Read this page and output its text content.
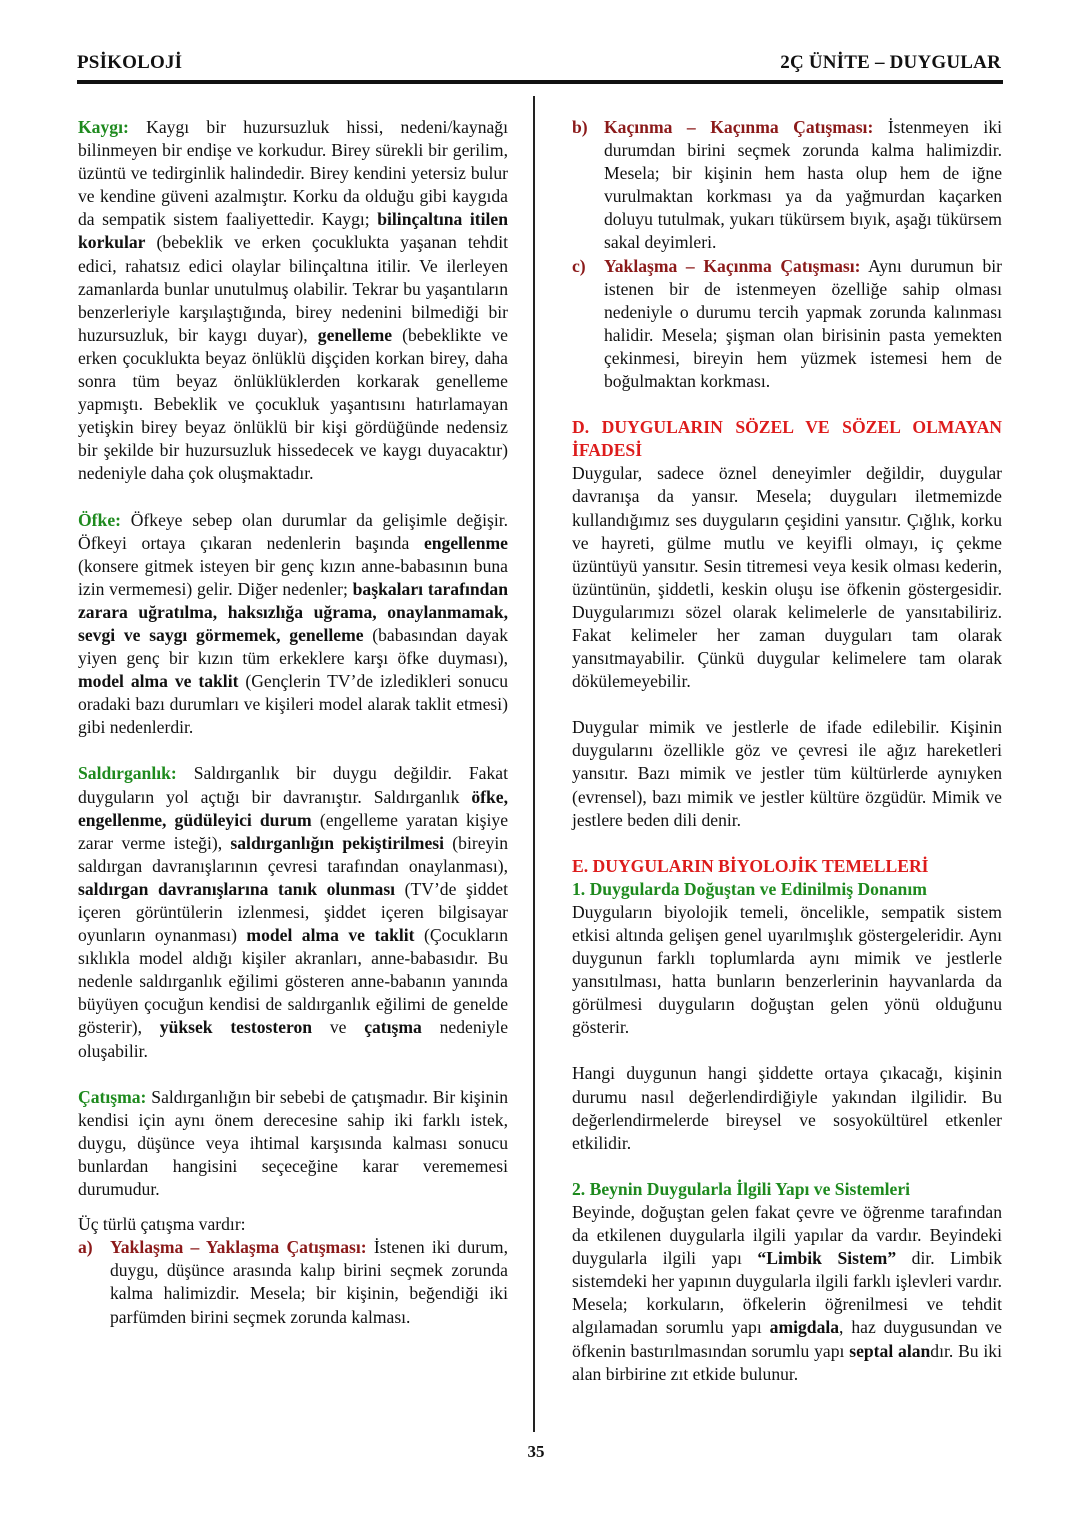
PSİKOLOJİ	2Ç ÜNİTE – DUYGULAR

Kaygı: Kaygı bir huzursuzluk hissi, nedeni/kaynağı bilinmeyen bir endişe ve korkudur. Birey sürekli bir gerilim, üzüntü ve tedirginlik halindedir. Birey kendini yetersiz bulur ve kendine güveni azalmıştır. Korku da olduğu gibi kaygıda da sempatik sistem faaliyettedir. Kaygı; bilinçaltına itilen korkular (bebeklik ve erken çocuklukta yaşanan tehdit edici, rahatsız edici olaylar bilinçaltına itilir. Ve ilerleyen zamanlarda bunlar unutulmuş olabilir. Tekrar bu yaşantıların benzerleriyle karşılaştığında, birey nedenini bilmediği bir huzursuzluk, bir kaygı duyar), genelleme (bebeklikte ve erken çocuklukta beyaz önlüklü dişçiden korkan birey, daha sonra tüm beyaz önlüklüklerden korkarak genelleme yapmıştı. Bebeklik ve çocukluk yaşantısını hatırlamayan yetişkin birey beyaz önlüklü bir kişi gördüğünde nedensiz bir şekilde bir huzursuzluk hissedecek ve kaygı duyacaktır) nedeniyle daha çok oluşmaktadır.

Öfke: Öfkeye sebep olan durumlar da gelişimle değişir. Öfkeyi ortaya çıkaran nedenlerin başında engellenme (konsere gitmek isteyen bir genç kızın anne-babasının buna izin vermemesi) gelir. Diğer nedenler; başkaları tarafından zarara uğratılma, haksızlığa uğrama, onaylanmamak, sevgi ve saygı görmemek, genelleme (babasından dayak yiyen genç bir kızın tüm erkeklere karşı öfke duyması), model alma ve taklit (Gençlerin TV’de izledikleri sonucu oradaki bazı durumları ve kişileri model alarak taklit etmesi) gibi nedenlerdir.

Saldırganlık: Saldırganlık bir duygu değildir. Fakat duyguların yol açtığı bir davranıştır. Saldırganlık öfke, engellenme, güdüleyici durum (engelleme yaratan kişiye zarar verme isteği), saldırganlığın pekiştirilmesi (bireyin saldırgan davranışlarının çevresi tarafından onaylanması), saldırgan davranışlarına tanık olunması (TV’de şiddet içeren görüntülerin izlenmesi, şiddet içeren bilgisayar oyunların oynanması) model alma ve taklit (Çocukların sıklıkla model aldığı kişiler akranları, anne-babasıdır. Bu nedenle saldırganlık eğilimi gösteren anne-babanın yanında büyüyen çocuğun kendisi de saldırganlık eğilimi de genelde gösterir), yüksek testosteron ve çatışma nedeniyle oluşabilir.

Çatışma: Saldırganlığın bir sebebi de çatışmadır. Bir kişinin kendisi için aynı önem derecesine sahip iki farklı istek, duygu, düşünce veya ihtimal karşısında kalması sonucu bunlardan hangisini seçeceğine karar verememesi durumudur.

Üç türlü çatışma vardır:

a) Yaklaşma – Yaklaşma Çatışması: İstenen iki durum, duygu, düşünce arasında kalıp birini seçmek zorunda kalma halimizdir. Mesela; bir kişinin, beğendiği iki parfümden birini seçmek zorunda kalması.
b) Kaçınma – Kaçınma Çatışması: İstenmeyen iki durumdan birini seçmek zorunda kalma halimizdir. Mesela; bir kişinin hem hasta olup hem de iğne vurulmaktan korkması ya da yağmurdan kaçarken doluyu tutulmak, yukarı tükürsem bıyık, aşağı tükürsem sakal deyimleri.
c)	Yaklaşma – Kaçınma Çatışması: Aynı durumun bir istenen bir de istenmeyen özelliğe sahip olması nedeniyle o durumu tercih yapmak zorunda kalınması halidir. Mesela; şişman olan birisinin pasta yemekten çekinmesi, bireyin hem yüzmek istemesi hem de boğulmaktan korkması.

D. DUYGULARIN SÖZEL VE SÖZEL OLMAYAN İFADESİ

Duygular, sadece öznel deneyimler değildir, duygular davranışa da yansır. Mesela; duyguları iletmemizde kullandığımız ses duyguların çeşidini yansıtır. Çığlık, korku ve hayreti, gülme mutlu ve keyifli olmayı, iç çekme üzüntüyü yansıtır. Sesin titremesi veya kesik olması kederin, üzüntünün, şiddetli, keskin oluşu ise öfkenin göstergesidir. Duygularımızı sözel olarak kelimelerle de yansıtabiliriz. Fakat kelimeler her zaman duyguları tam olarak yansıtmayabilir. Çünkü duygular kelimelere tam olarak dökülemeyebilir.

Duygular mimik ve jestlerle de ifade edilebilir. Kişinin duygularını özellikle göz ve çevresi ile ağız hareketleri yansıtır. Bazı mimik ve jestler tüm kültürlerde aynıyken (evrensel), bazı mimik ve jestler kültüre özgüdür. Mimik ve jestlere beden dili denir.

E. DUYGULARIN BİYOLOJİK TEMELLERİ

1. Duygularda Doğuştan ve Edinilmiş Donanım

Duyguların biyolojik temeli, öncelikle, sempatik sistem etkisi altında gelişen genel uyarılmışlık göstergeleridir. Aynı duygunun farklı toplumlarda aynı mimik ve jestlerle yansıtılması, hatta bunların benzerlerinin hayvanlarda da görülmesi duyguların doğuştan gelen yönü olduğunu gösterir.

Hangi duygunun hangi şiddette ortaya çıkacağı, kişinin durumu nasıl değerlendirdiğiyle yakından ilgilidir. Bu değerlendirmelerde bireysel ve sosyokültürel etkenler etkilidir.

2. Beynin Duygularla İlgili Yapı ve Sistemleri

Beyinde, doğuştan gelen fakat çevre ve öğrenme tarafından da etkilenen duygularla ilgili yapılar da vardır. Beyindeki duygularla ilgili yapı “Limbik Sistem” dir. Limbik sistemdeki her yapının duygularla ilgili farklı işlevleri vardır. Mesela; korkuların, öfkelerin öğrenilmesi ve tehdit algılamadan sorumlu yapı amigdala, haz duygusundan ve öfkenin bastırılmasından sorumlu yapı septal alandır. Bu iki alan birbirine zıt etkide bulunur.

35
